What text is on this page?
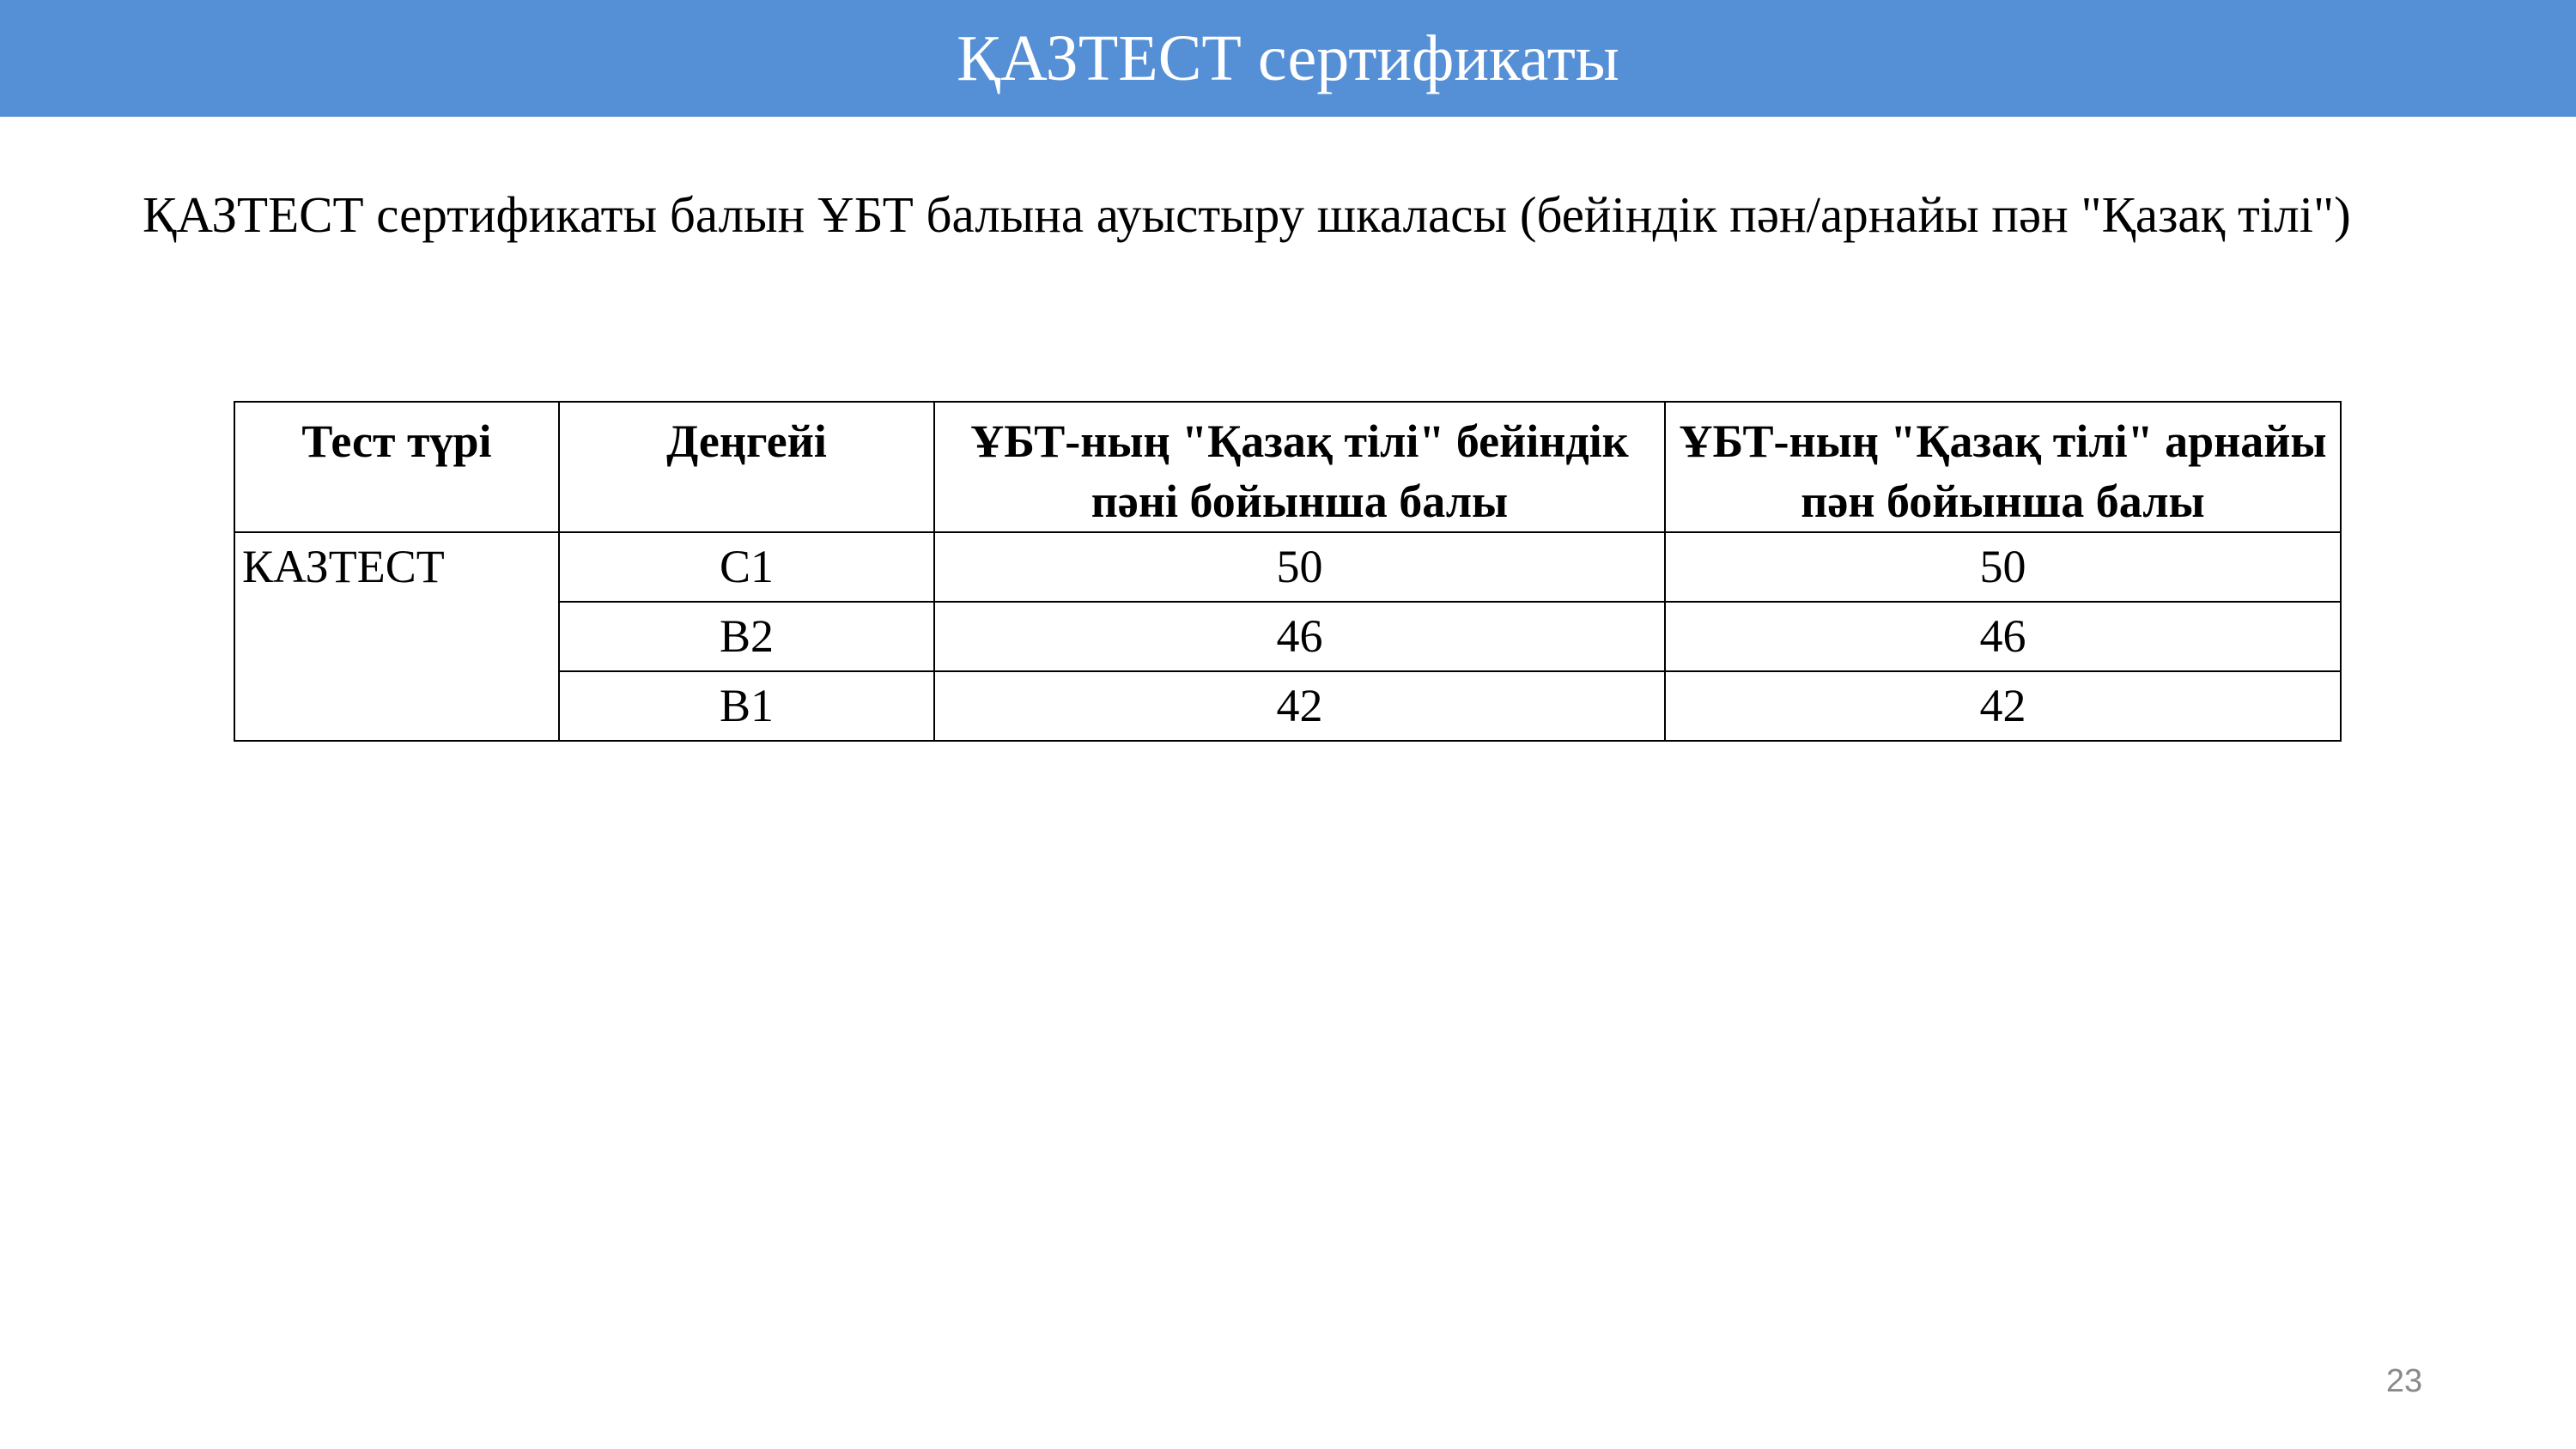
ҚАЗТЕСТ сертификаты

ҚАЗТЕСТ сертификаты балын ҰБТ балына ауыстыру шкаласы (бейіндік пән/арнайы пән "Қазақ тілі")

Тест түрі	Деңгейі	ҰБТ-ның "Қазақ тілі" бейіндік пәні бойынша балы	ҰБТ-ның "Қазақ тілі" арнайы пән бойынша балы
КАЗТЕСТ	С1	50	50
	В2	46	46
	В1	42	42
23
